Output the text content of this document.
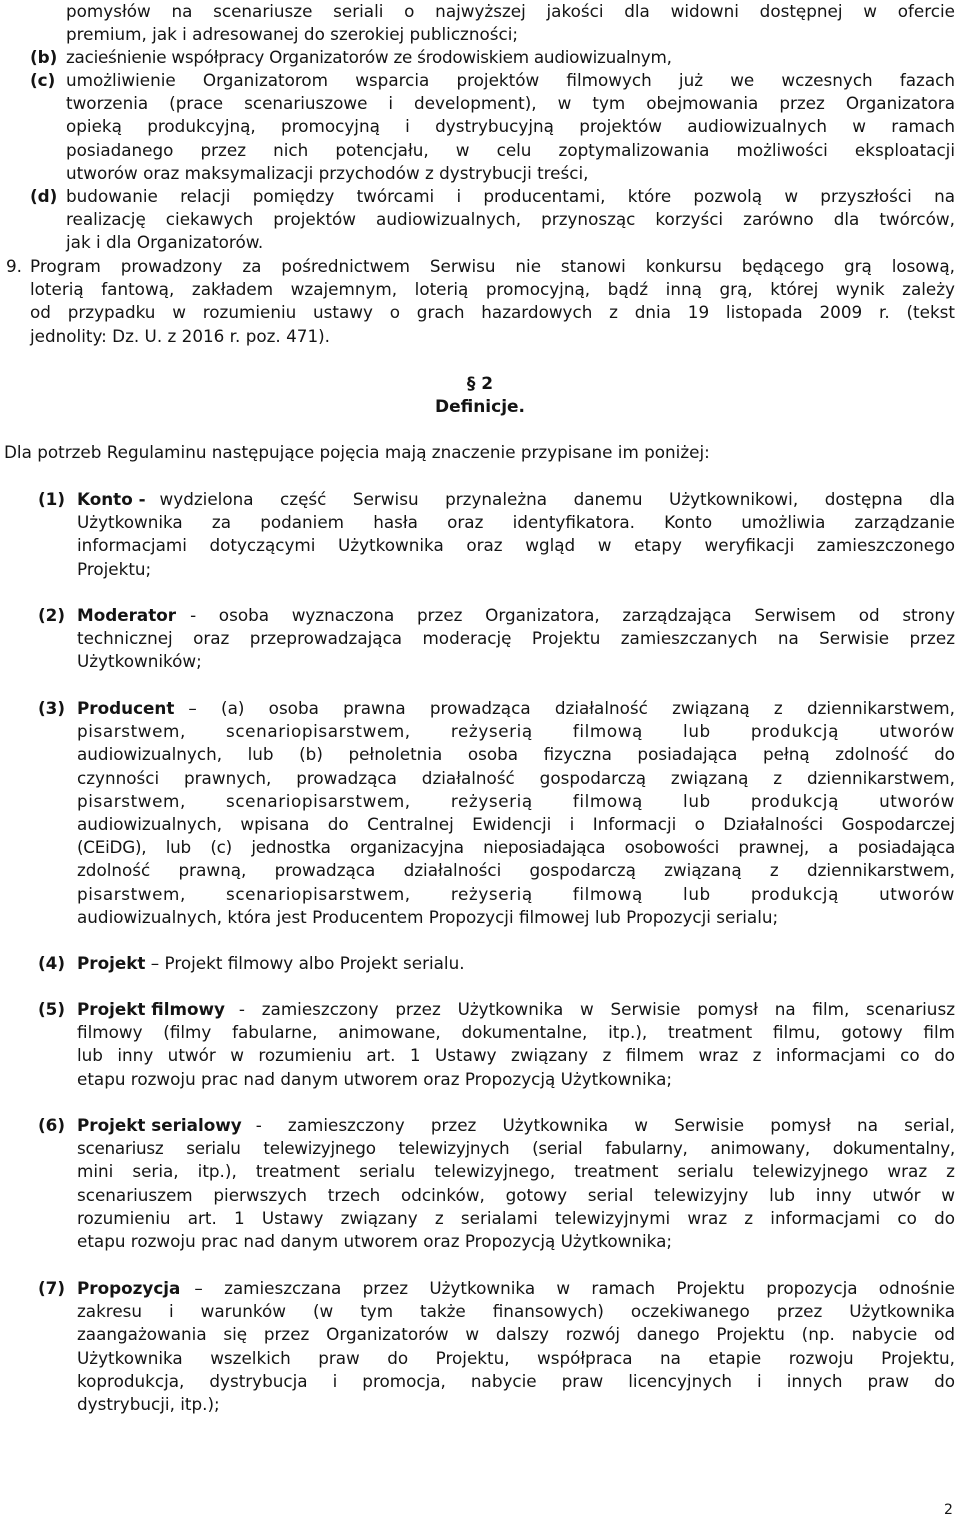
pomysłów na scenariusze seriali o najwyższej jakości dla widowni dostępnej w ofercie
premium, jak i adresowanej do szerokiej publiczności;
(b) zacieśnienie współpracy Organizatorów ze środowiskiem audiowizualnym,
(c) umożliwienie Organizatorom wsparcia projektów filmowych już we wczesnych fazach
tworzenia (prace scenariuszowe i development), w tym obejmowania przez Organizatora
opieką produkcyjną, promocyjną i dystrybucyjną projektów audiowizualnych w ramach
posiadanego przez nich potencjału, w celu zoptymalizowania możliwości eksploatacji
utworów oraz maksymalizacji przychodów z dystrybucji treści,
(d) budowanie relacji pomiędzy twórcami i producentami, które pozwolą w przyszłości na
realizację ciekawych projektów audiowizualnych, przynosząc korzyści zarówno dla twórców,
jak i dla Organizatorów.
9. Program prowadzony za pośrednictwem Serwisu nie stanowi konkursu będącego grą losową,
loterią fantową, zakładem wzajemnym, loterią promocyjną, bądź inną grą, której wynik zależy
od przypadku w rozumieniu ustawy o grach hazardowych z dnia 19 listopada 2009 r. (tekst
jednolity: Dz. U. z 2016 r. poz. 471).
§ 2
Definicje.
Dla potrzeb Regulaminu następujące pojęcia mają znaczenie przypisane im poniżej:
(1) Konto - wydzielona część Serwisu przynależna danemu Użytkownikowi, dostępna dla
Użytkownika za podaniem hasła oraz identyfikatora. Konto umożliwia zarządzanie
informacjami dotyczącymi Użytkownika oraz wgląd w etapy weryfikacji zamieszczonego
Projektu;
(2) Moderator - osoba wyznaczona przez Organizatora, zarządzająca Serwisem od strony
technicznej oraz przeprowadzająca moderację Projektu zamieszczanych na Serwisie przez
Użytkowników;
(3) Producent – (a) osoba prawna prowadząca działalność związaną z dziennikarstwem,
pisarstwem, scenariopisarstwem, reżyserią filmową lub produkcją utworów
audiowizualnych, lub (b) pełnoletnia osoba fizyczna posiadająca pełną zdolność do
czynności prawnych, prowadząca działalność gospodarczą związaną z dziennikarstwem,
pisarstwem, scenariopisarstwem, reżyserią filmową lub produkcją utworów
audiowizualnych, wpisana do Centralnej Ewidencji i Informacji o Działalności Gospodarczej
(CEiDG), lub (c) jednostka organizacyjna nieposiadająca osobowości prawnej, a posiadająca
zdolność prawną, prowadząca działalności gospodarczą związaną z dziennikarstwem,
pisarstwem, scenariopisarstwem, reżyserią filmową lub produkcją utworów
audiowizualnych, która jest Producentem Propozycji filmowej lub Propozycji serialu;
(4) Projekt – Projekt filmowy albo Projekt serialu.
(5) Projekt filmowy - zamieszczony przez Użytkownika w Serwisie pomysł na film, scenariusz
filmowy (filmy fabularne, animowane, dokumentalne, itp.), treatment filmu, gotowy film
lub inny utwór w rozumieniu art. 1 Ustawy związany z filmem wraz z informacjami co do
etapu rozwoju prac nad danym utworem oraz Propozycją Użytkownika;
(6) Projekt serialowy - zamieszczony przez Użytkownika w Serwisie pomysł na serial,
scenariusz serialu telewizyjnego telewizyjnych (serial fabularny, animowany, dokumentalny,
mini seria, itp.), treatment serialu telewizyjnego, treatment serialu telewizyjnego wraz z
scenariuszem pierwszych trzech odcinków, gotowy serial telewizyjny lub inny utwór w
rozumieniu art. 1 Ustawy związany z serialami telewizyjnymi wraz z informacjami co do
etapu rozwoju prac nad danym utworem oraz Propozycją Użytkownika;
(7) Propozycja – zamieszczana przez Użytkownika w ramach Projektu propozycja odnośnie
zakresu i warunków (w tym także finansowych) oczekiwanego przez Użytkownika
zaangażowania się przez Organizatorów w dalszy rozwój danego Projektu (np. nabycie od
Użytkownika wszelkich praw do Projektu, współpraca na etapie rozwoju Projektu,
koprodukcja, dystrybucja i promocja, nabycie praw licencyjnych i innych praw do
dystrybucji, itp.);
2
